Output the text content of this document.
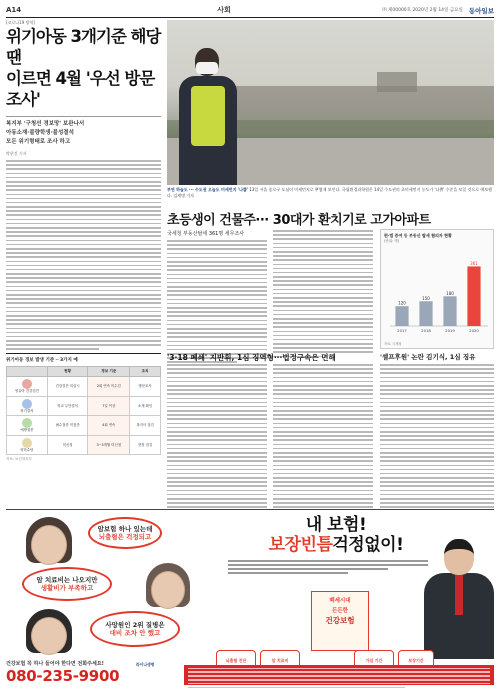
A14	사회	㈜ 제00000호 2020년 2월 14일 금요일 동아일보
[코로나19 방역]
위기아동 3개기준 해당땐
이르면 4월 '우선 방문조사'
복지부 '구청선 경보망' 보완나서
아동소재·불량학생·불성결석
모든 위기형태로 조사 하고
박현진 기자
부연 하늘도 ··· 수도권 오늘도 미세먼지 '나쁨' 13일 서울 종로구 도심이 미세먼지로 뿌옇게 보인다. 국립환경과학원은 14일 수도권의 초미세먼지 농도가 '나쁨' 수준을 보일 것으로 예보했다. 김재명 기자
초등생이 건물주··· 30대가 환치기로 고가아파트
국세청 부동산탈세 361명 세무조사	편·법 증여 등 부동산 탈세 혐의자 현황
(단위: 명)
120
2017
150
2018
180
2019
361
2020
자료: 국세청
'3·18 폐쇄' 지반휘, 1심 징역형···법정구속은 면해	'셀프후원' 논란 김기식, 1심 징유
위기아동 경보 발생 기준 ─ 3가지 예
	현황	경보 기준	조치

영유아 건강검진	건강검진 미실시	2회 연속 미수검	방문조사

장기결석	학교 무단결석	7일 이상	소재 확인

예방접종	필수접종 미접종	4회 연속	복지사 점검

양육수당	미신청	3~5개월 미신청	현장 점검
자료: 보건복지부
암보험 하나 있는데
뇌출혈은 걱정되고
암 치료비는 나오지만
생활비가 부족하고
사망원인 2위 질병은
대비 조차 안 했고
내 보험!
보장빈틈걱정없이!
백세시대
든든한
건강보험
뇌출혈 진단	암 치료비	가입 기간	보장기간
건강보험 꼭 하나 들어야 한다면 전화주세요!
080-235-9900
라이나생명
